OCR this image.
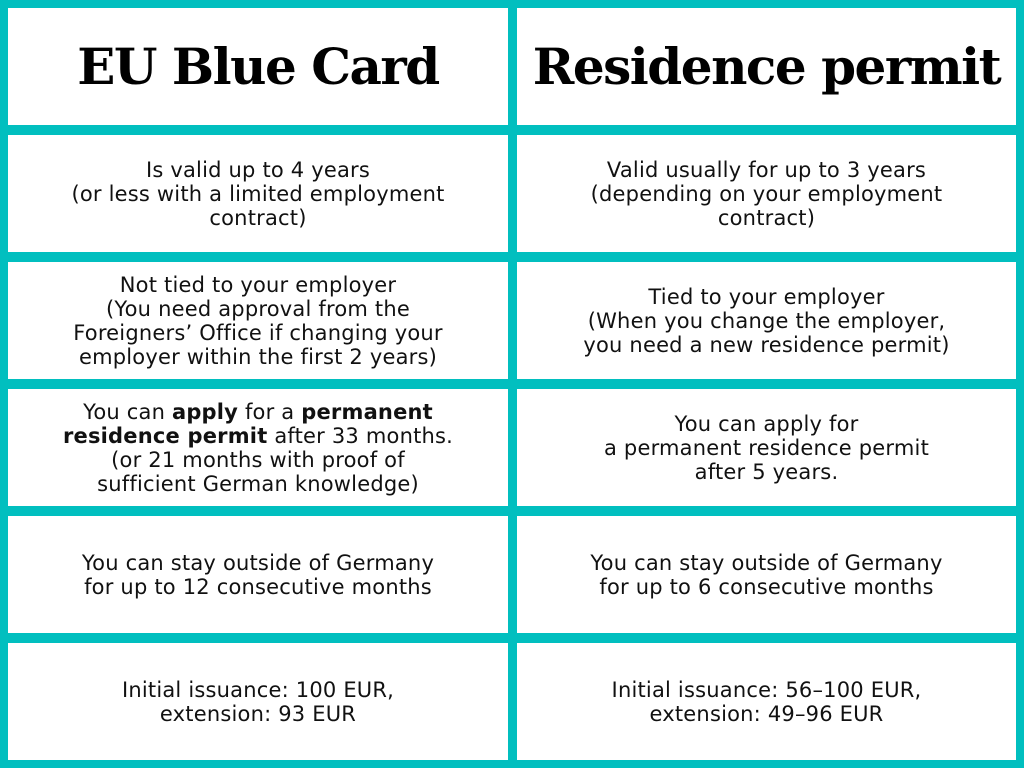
EU Blue Card Residence permit
Is valid up to 4 years
(or less with a limited employment
contract)
Valid usually for up to 3 years
(depending on your employment
contract)
Not tied to your employer
(You need approval from the
Foreigners’ Office if changing your
employer within the first 2 years)
Tied to your employer
(When you change the employer,
you need a new residence permit)
You can apply for a permanent
residence permit after 33 months.
(or 21 months with proof of
sufficient German knowledge)
You can apply for
a permanent residence permit
after 5 years.
You can stay outside of Germany
for up to 12 consecutive months
You can stay outside of Germany
for up to 6 consecutive months
Initial issuance: 100 EUR,
extension: 93 EUR
Initial issuance: 56–100 EUR,
extension: 49–96 EUR
